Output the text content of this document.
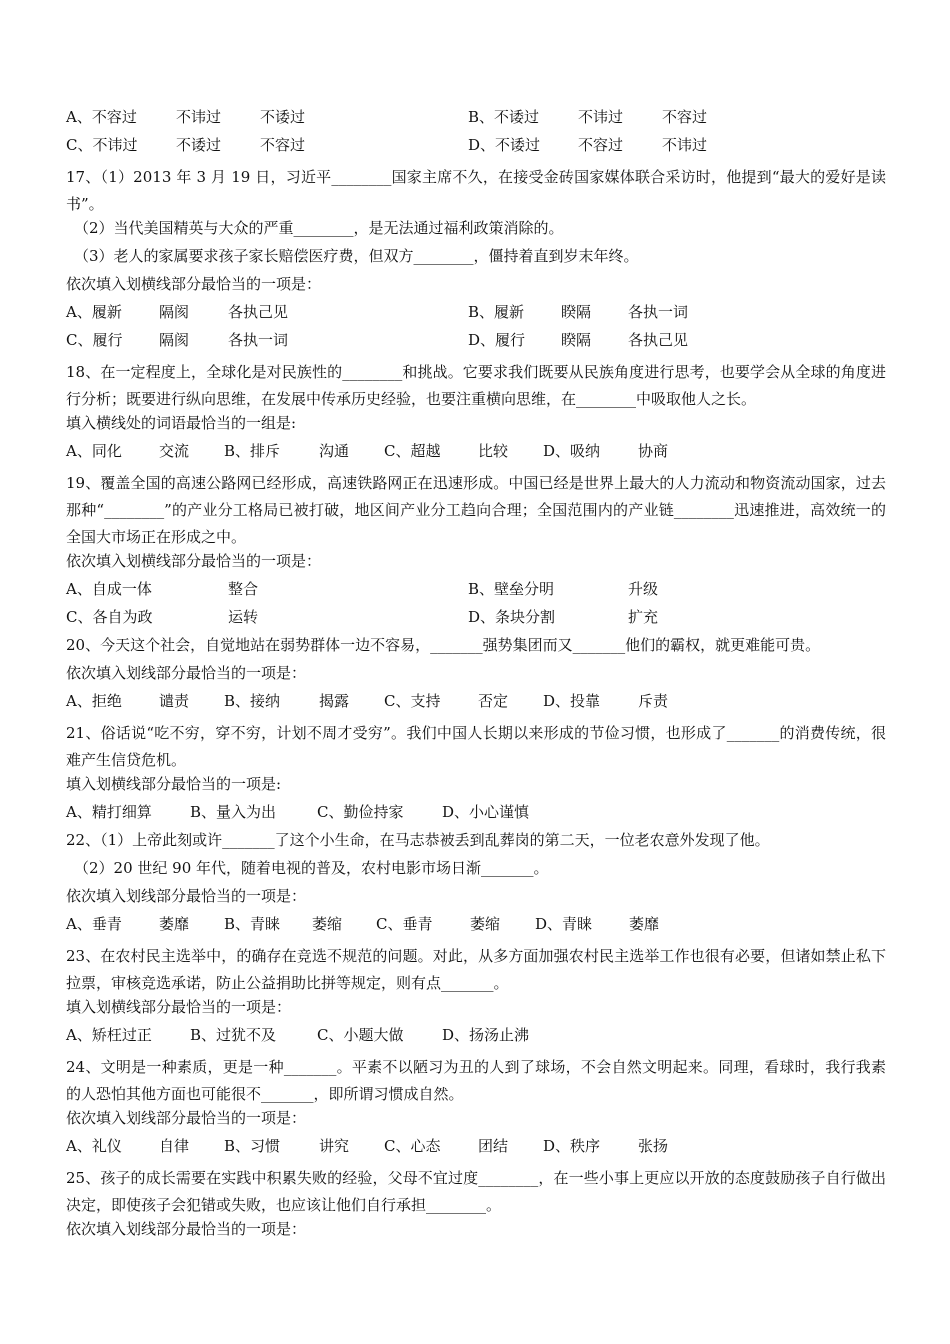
A、不容过	不讳过	不诿过	B、不诿过	不讳过	不容过
C、不讳过	不诿过	不容过	D、不诿过	不容过	不讳过
17、（1）2013 年 3 月 19 日，习近平________国家主席不久，在接受金砖国家媒体联合采访时，他提到“最大的爱好是读书”。
（2）当代美国精英与大众的严重________，是无法通过福利政策消除的。
（3）老人的家属要求孩子家长赔偿医疗费，但双方________，僵持着直到岁末年终。
依次填入划横线部分最恰当的一项是：
A、履新 隔阂	各执己见	B、履新 睽隔 各执一词
C、履行 隔阂	各执一词	D、履行 睽隔 各执己见
18、在一定程度上，全球化是对民族性的________和挑战。它要求我们既要从民族角度进行思考，也要学会从全球的角度进行分析；既要进行纵向思维，在发展中传承历史经验，也要注重横向思维，在________中吸取他人之长。
填入横线处的词语最恰当的一组是:
A、同化 交流 B、排斥	沟通 C、超越	比较 D、吸纳	协商
19、覆盖全国的高速公路网已经形成，高速铁路网正在迅速形成。中国已经是世界上最大的人力流动和物资流动国家，过去那种“________”的产业分工格局已被打破，地区间产业分工趋向合理；全国范围内的产业链________迅速推进，高效统一的全国大市场正在形成之中。
依次填入划横线部分最恰当的一项是：
A、自成一体	整合	B、壁垒分明	升级
C、各自为政	运转	D、条块分割	扩充
20、今天这个社会，自觉地站在弱势群体一边不容易，_______强势集团而又_______他们的霸权，就更难能可贵。
依次填入划线部分最恰当的一项是：
A、拒绝 谴责 B、接纳	揭露 C、支持	否定 D、投靠	斥责
21、俗话说“吃不穷，穿不穷，计划不周才受穷”。我们中国人长期以来形成的节俭习惯，也形成了_______的消费传统，很难产生信贷危机。
填入划横线部分最恰当的一项是:
A、精打细算	B、量入为出	C、勤俭持家	D、小心谨慎
22、（1）上帝此刻或许_______了这个小生命，在马志恭被丢到乱葬岗的第二天，一位老农意外发现了他。
（2）20 世纪 90 年代，随着电视的普及，农村电影市场日渐_______。
依次填入划线部分最恰当的一项是：
A、垂青 萎靡 B、青睐 萎缩 C、垂青	萎缩 D、青睐 萎靡
23、在农村民主选举中，的确存在竞选不规范的问题。对此，从多方面加强农村民主选举工作也很有必要，但诸如禁止私下拉票，审核竞选承诺，防止公益捐助比拼等规定，则有点_______。
填入划横线部分最恰当的一项是：
A、矫枉过正	B、过犹不及	C、小题大做	D、扬汤止沸
24、文明是一种素质，更是一种_______。平素不以陋习为丑的人到了球场，不会自然文明起来。同理，看球时，我行我素的人恐怕其他方面也可能很不_______，即所谓习惯成自然。
依次填入划线部分最恰当的一项是：
A、礼仪 自律 B、习惯	讲究 C、心态	团结 D、秩序	张扬
25、孩子的成长需要在实践中积累失败的经验，父母不宜过度________，在一些小事上更应以开放的态度鼓励孩子自行做出决定，即使孩子会犯错或失败，也应该让他们自行承担________。
依次填入划线部分最恰当的一项是：
